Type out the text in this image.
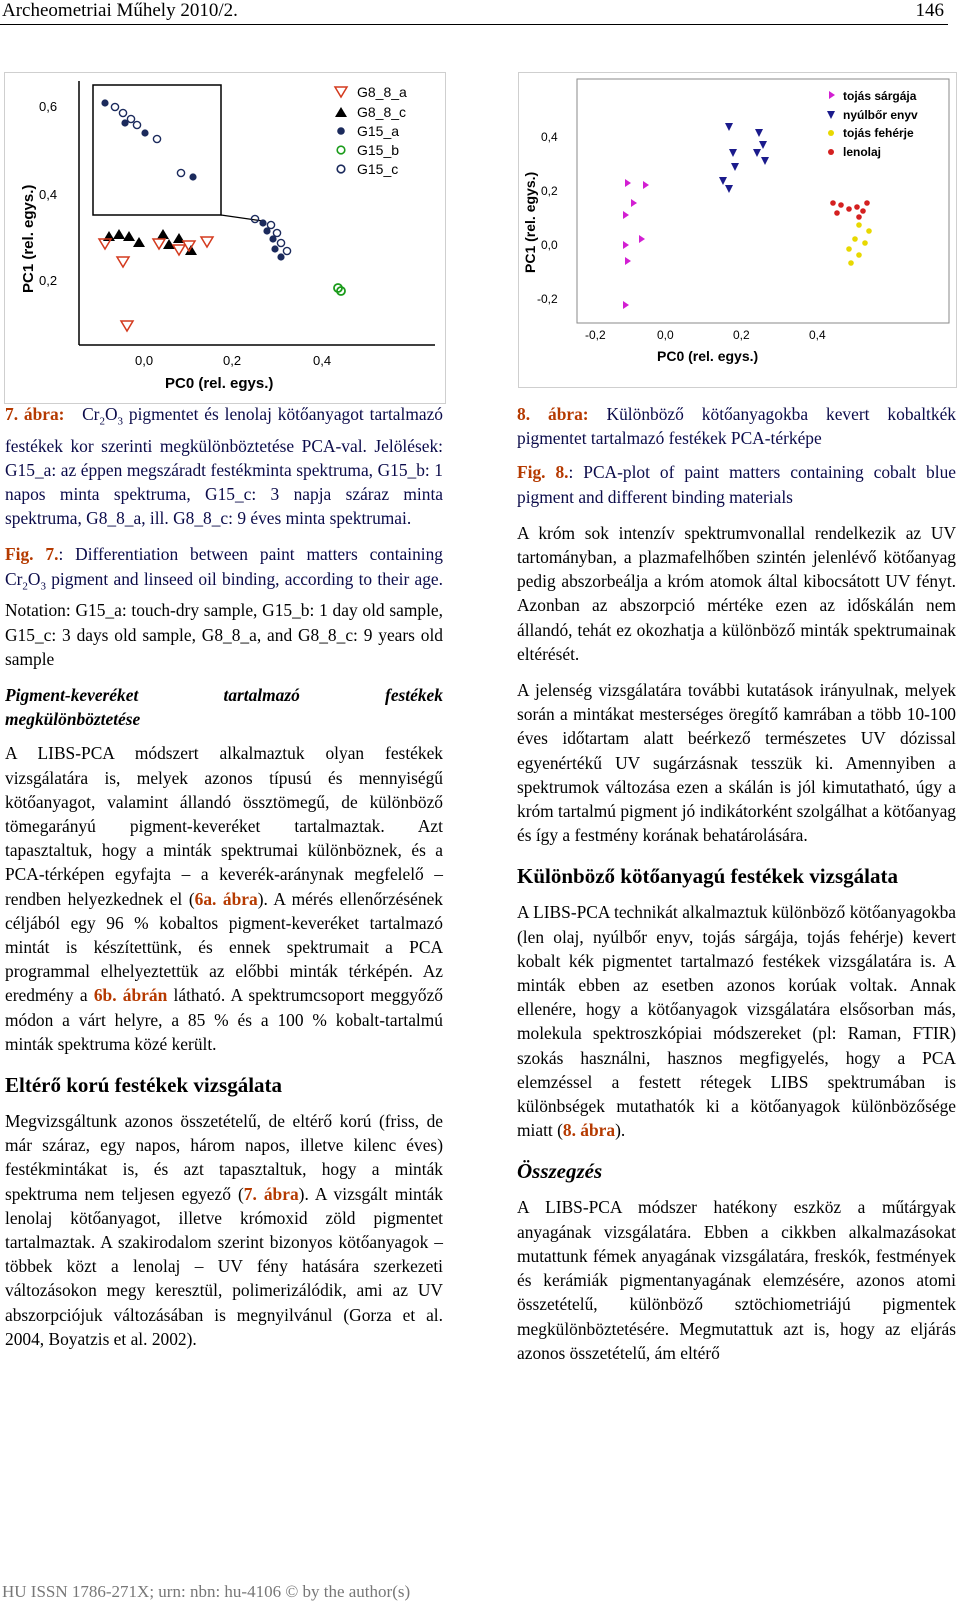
Archeometriai Műhely 2010/2.	146
0,6
0,4
0,2
0,0	0,2	0,4
PC0 (rel. egys.)
PC1 (rel. egys.)
G8_8_a
G8_8_c
G15_a
G15_b
G15_c
0,4
0,2
0,0
-0,2
-0,2	0,0	0,2	0,4
PC0 (rel. egys.)
PC1 (rel. egys.)
tojás sárgája
nyúlbőr enyv
tojás fehérje
lenolaj

7. ábra: $Cr_2O_3$ pigmentet és lenolaj kötőanyagot tartalmazó festékek kor szerinti megkülönböztetése PCA-val. Jelölések: G15_a: az éppen megszáradt festékminta spektruma, G15_b: 1 napos minta spektruma, G15_c: 3 napja száraz minta spektruma, G8_8_a, ill. G8_8_c: 9 éves minta spektrumai.

Fig. 7.: Differentiation between paint matters containing $Cr_2O_3$ pigment and linseed oil binding, according to their age. Notation: G15_a: touch-dry sample, G15_b: 1 day old sample, G15_c: 3 days old sample, G8_8_a, and G8_8_c: 9 years old sample

Pigment-keveréket	tartalmazó	festékek
megkülönböztetése

A LIBS-PCA módszert alkalmaztuk olyan festékek vizsgálatára is, melyek azonos típusú és mennyiségű kötőanyagot, valamint állandó össztömegű, de különböző tömegarányú pigment-keveréket tartalmaztak. Azt tapasztaltuk, hogy a minták spektrumai különböznek, és a PCA-térképen egyfajta – a keverék-aránynak megfelelő – rendben helyezkednek el (6a. ábra). A mérés ellenőrzésének céljából egy 96 % kobaltos pigment-keveréket tartalmazó mintát is készítettünk, és ennek spektrumait a PCA programmal elhelyeztettük az előbbi minták térképén. Az eredmény a 6b. ábrán látható. A spektrumcsoport meggyőző módon a várt helyre, a 85 % és a 100 % kobalt-tartalmú minták spektruma közé került.

Eltérő korú festékek vizsgálata

Megvizsgáltunk azonos összetételű, de eltérő korú (friss, de már száraz, egy napos, három napos, illetve kilenc éves) festékmintákat is, és azt tapasztaltuk, hogy a minták spektruma nem teljesen egyező (7. ábra). A vizsgált minták lenolaj kötőanyagot, illetve krómoxid zöld pigmentet tartalmaztak. A szakirodalom szerint bizonyos kötőanyagok – többek közt a lenolaj – UV fény hatására szerkezeti változásokon megy keresztül, polimerizálódik, ami az UV abszorpciójuk változásában is megnyilvánul (Gorza et al. 2004, Boyatzis et al. 2002).

8. ábra: Különböző kötőanyagokba kevert kobaltkék pigmentet tartalmazó festékek PCA-térképe

Fig. 8.: PCA-plot of paint matters containing cobalt blue pigment and different binding materials

A króm sok intenzív spektrumvonallal rendelkezik az UV tartományban, a plazmafelhőben szintén jelenlévő kötőanyag pedig abszorbeálja a króm atomok által kibocsátott UV fényt. Azonban az abszorpció mértéke ezen az időskálán nem állandó, tehát ez okozhatja a különböző minták spektrumainak eltérését.

A jelenség vizsgálatára további kutatások irányulnak, melyek során a mintákat mesterséges öregítő kamrában a több 10-100 éves időtartam alatt beérkező természetes UV dózissal egyenértékű UV sugárzásnak tesszük ki. Amennyiben a spektrumok változása ezen a skálán is jól kimutatható, úgy a króm tartalmú pigment jó indikátorként szolgálhat a kötőanyag és így a festmény korának behatárolására.

Különböző kötőanyagú festékek vizsgálata

A LIBS-PCA technikát alkalmaztuk különböző kötőanyagokba (len olaj, nyúlbőr enyv, tojás sárgája, tojás fehérje) kevert kobalt kék pigmentet tartalmazó festékek vizsgálatára is. A minták ebben az esetben azonos korúak voltak. Annak ellenére, hogy a kötőanyagok vizsgálatára elsősorban más, molekula spektroszkópiai módszereket (pl: Raman, FTIR) szokás használni, hasznos megfigyelés, hogy a PCA elemzéssel a festett rétegek LIBS spektrumában is különbségek mutathatók ki a kötőanyagok különbözősége miatt (8. ábra).

Összegzés

A LIBS-PCA módszer hatékony eszköz a műtárgyak anyagának vizsgálatára. Ebben a cikkben alkalmazásokat mutattunk fémek anyagának vizsgálatára, freskók, festmények és kerámiák pigmentanyagának elemzésére, azonos atomi összetételű, különböző sztöchiometriájú pigmentek megkülönböztetésére. Megmutattuk azt is, hogy az eljárás azonos összetételű, ám eltérő

HU ISSN 1786-271X; urn: nbn: hu-4106 © by the author(s)
